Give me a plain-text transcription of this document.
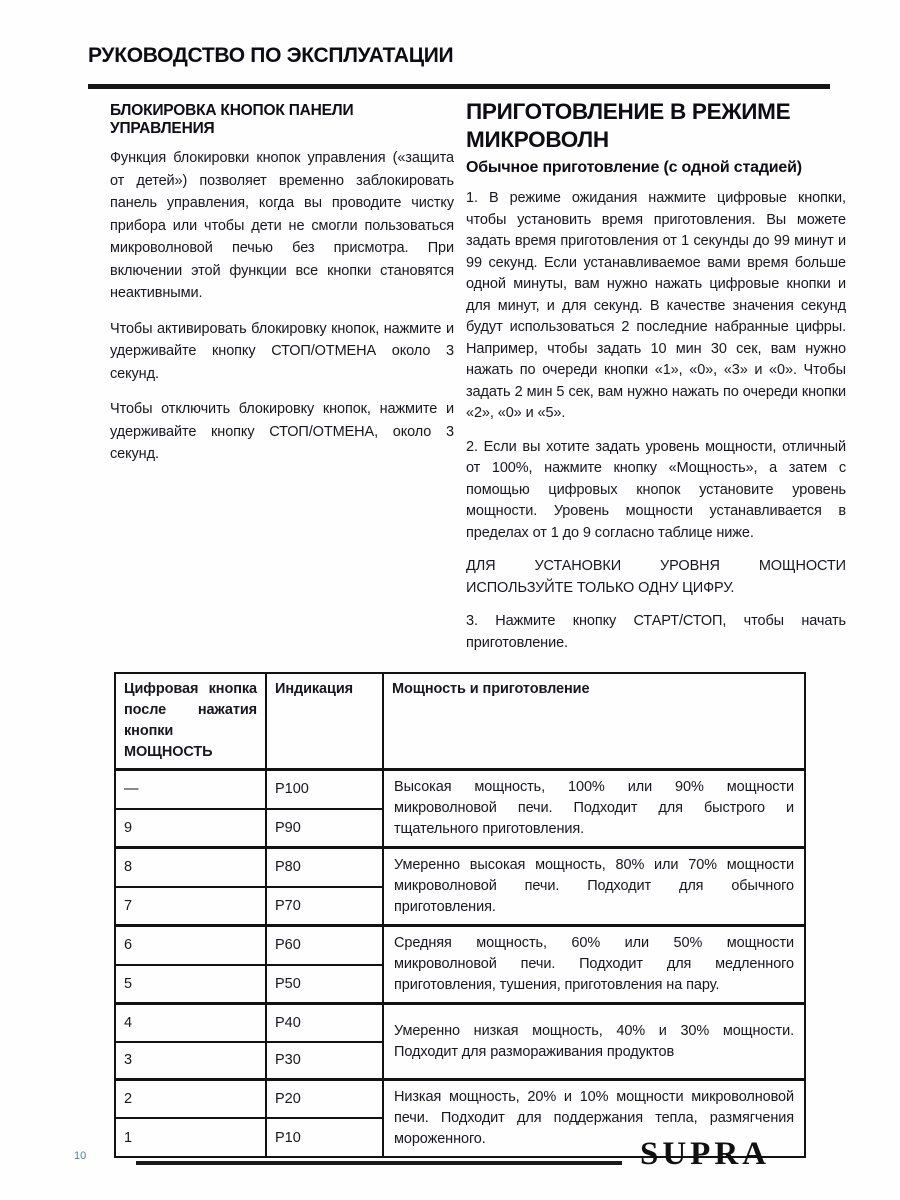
РУКОВОДСТВО ПО ЭКСПЛУАТАЦИИ
БЛОКИРОВКА КНОПОК ПАНЕЛИ УПРАВЛЕНИЯ

Функция блокировки кнопок управления («защита от детей») позволяет временно заблокировать панель управления, когда вы проводите чистку прибора или чтобы дети не смогли пользоваться микроволновой печью без присмотра. При включении этой функции все кнопки становятся неактивными.

Чтобы активировать блокировку кнопок, нажмите и удерживайте кнопку СТОП/ОТМЕНА около 3 секунд.

Чтобы отключить блокировку кнопок, нажмите и удерживайте кнопку СТОП/ОТМЕНА, около 3 секунд.

ПРИГОТОВЛЕНИЕ В РЕЖИМЕ МИКРОВОЛН
Обычное приготовление (с одной стадией)

1. В режиме ожидания нажмите цифровые кнопки, чтобы установить время приготовления. Вы можете задать время приготовления от 1 секунды до 99 минут и 99 секунд. Если устанавливаемое вами время больше одной минуты, вам нужно нажать цифровые кнопки и для минут, и для секунд. В качестве значения секунд будут использоваться 2 последние набранные цифры. Например, чтобы задать 10 мин 30 сек, вам нужно нажать по очереди кнопки «1», «0», «3» и «0». Чтобы задать 2 мин 5 сек, вам нужно нажать по очереди кнопки «2», «0» и «5».

2. Если вы хотите задать уровень мощности, отличный от 100%, нажмите кнопку «Мощность», а затем с помощью цифровых кнопок установите уровень мощности. Уровень мощности устанавливается в пределах от 1 до 9 согласно таблице ниже.

ДЛЯ УСТАНОВКИ УРОВНЯ МОЩНОСТИ ИСПОЛЬЗУЙТЕ ТОЛЬКО ОДНУ ЦИФРУ.

3. Нажмите кнопку СТАРТ/СТОП, чтобы начать приготовление.

Цифровая кнопка после нажатия кнопки МОЩНОСТЬ	Индикация	Мощность и приготовление
—	P100	Высокая мощность, 100% или 90% мощности микроволновой печи. Подходит для быстрого и тщательного приготовления.
9	P90	
8	P80	Умеренно высокая мощность, 80% или 70% мощности микроволновой печи. Подходит для обычного приготовления.
7	P70	
6	P60	Средняя мощность, 60% или 50% мощности микроволновой печи. Подходит для медленного приготовления, тушения, приготовления на пару.
5	P50	
4	P40	Умеренно низкая мощность, 40% и 30% мощности. Подходит для размораживания продуктов
3	P30	
2	P20	Низкая мощность, 20% и 10% мощности микроволновой печи. Подходит для поддержания тепла, размягчения мороженного.
1	P10	
10	SUPRA
